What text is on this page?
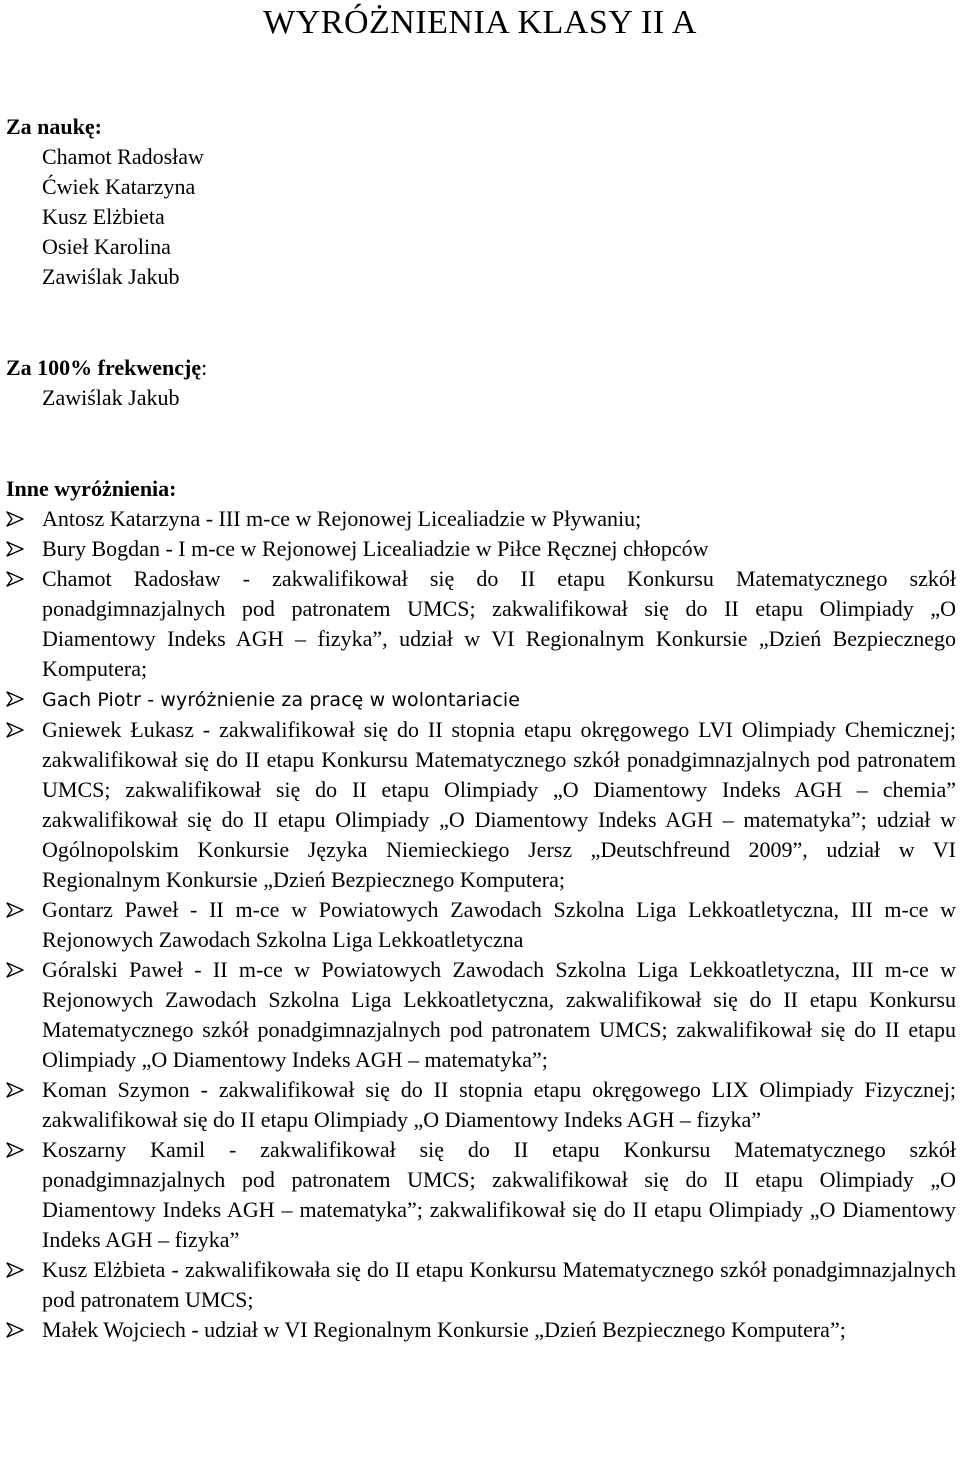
WYRÓŻNIENIA KLASY II A
Za naukę:
Chamot Radosław
Ćwiek Katarzyna
Kusz Elżbieta
Osieł Karolina
Zawiślak Jakub
Za 100% frekwencję:
Zawiślak Jakub
Inne wyróżnienia:
Antosz Katarzyna - III m-ce w Rejonowej Licealiadzie w Pływaniu;
Bury Bogdan - I m-ce w Rejonowej Licealiadzie w Piłce Ręcznej chłopców
Chamot Radosław - zakwalifikował się do II etapu Konkursu Matematycznego szkół ponadgimnazjalnych pod patronatem UMCS; zakwalifikował się do II etapu Olimpiady „O Diamentowy Indeks AGH – fizyka”, udział w VI Regionalnym Konkursie „Dzień Bezpiecznego Komputera;
Gach Piotr - wyróżnienie za pracę w wolontariacie
Gniewek Łukasz - zakwalifikował się do II stopnia etapu okręgowego LVI Olimpiady Chemicznej; zakwalifikował się do II etapu Konkursu Matematycznego szkół ponadgimnazjalnych pod patronatem UMCS; zakwalifikował się do II etapu Olimpiady „O Diamentowy Indeks AGH – chemia” zakwalifikował się do II etapu Olimpiady „O Diamentowy Indeks AGH – matematyka”; udział w Ogólnopolskim Konkursie Języka Niemieckiego Jersz „Deutschfreund 2009”, udział w VI Regionalnym Konkursie „Dzień Bezpiecznego Komputera;
Gontarz Paweł - II m-ce w Powiatowych Zawodach Szkolna Liga Lekkoatletyczna, III m-ce w Rejonowych Zawodach Szkolna Liga Lekkoatletyczna
Góralski Paweł - II m-ce w Powiatowych Zawodach Szkolna Liga Lekkoatletyczna, III m-ce w Rejonowych Zawodach Szkolna Liga Lekkoatletyczna, zakwalifikował się do II etapu Konkursu Matematycznego szkół ponadgimnazjalnych pod patronatem UMCS; zakwalifikował się do II etapu Olimpiady „O Diamentowy Indeks AGH – matematyka”;
Koman Szymon - zakwalifikował się do II stopnia etapu okręgowego LIX Olimpiady Fizycznej; zakwalifikował się do II etapu Olimpiady „O Diamentowy Indeks AGH – fizyka”
Koszarny Kamil - zakwalifikował się do II etapu Konkursu Matematycznego szkół ponadgimnazjalnych pod patronatem UMCS; zakwalifikował się do II etapu Olimpiady „O Diamentowy Indeks AGH – matematyka”; zakwalifikował się do II etapu Olimpiady „O Diamentowy Indeks AGH – fizyka”
Kusz Elżbieta - zakwalifikowała się do II etapu Konkursu Matematycznego szkół ponadgimnazjalnych pod patronatem UMCS;
Małek Wojciech - udział w VI Regionalnym Konkursie „Dzień Bezpiecznego Komputera”;
